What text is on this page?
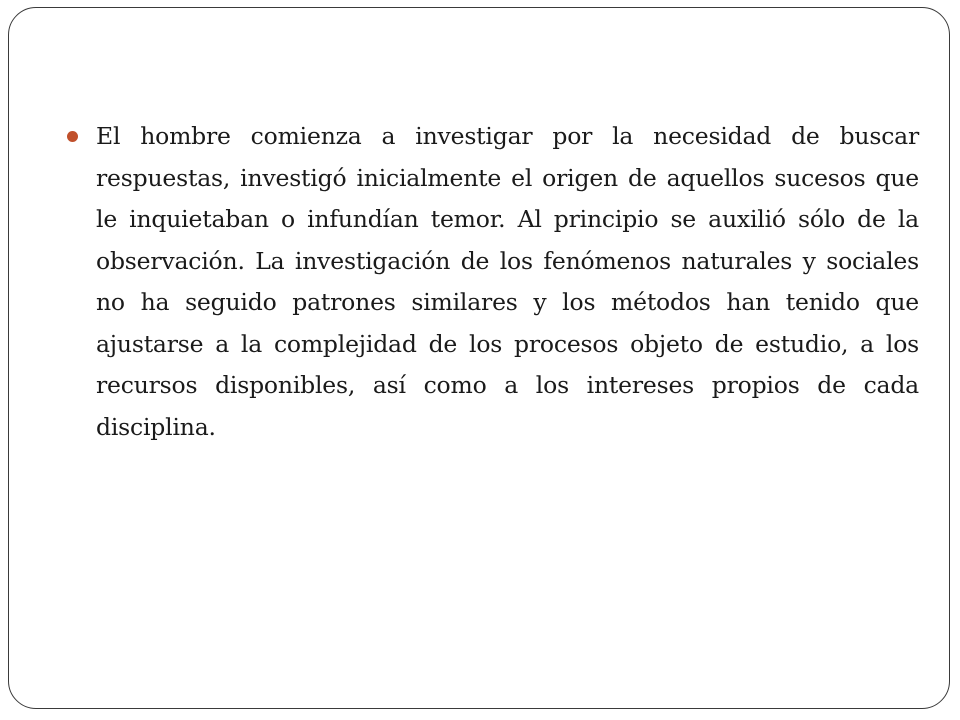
El hombre comienza a investigar por la necesidad de buscar respuestas, investigó inicialmente el origen de aquellos sucesos que le inquietaban o infundían temor. Al principio se auxilió sólo de la observación. La investigación de los fenómenos naturales y sociales no ha seguido patrones similares y los métodos han tenido que ajustarse a la complejidad de los procesos objeto de estudio, a los recursos disponibles, así como a los intereses propios de cada disciplina.
